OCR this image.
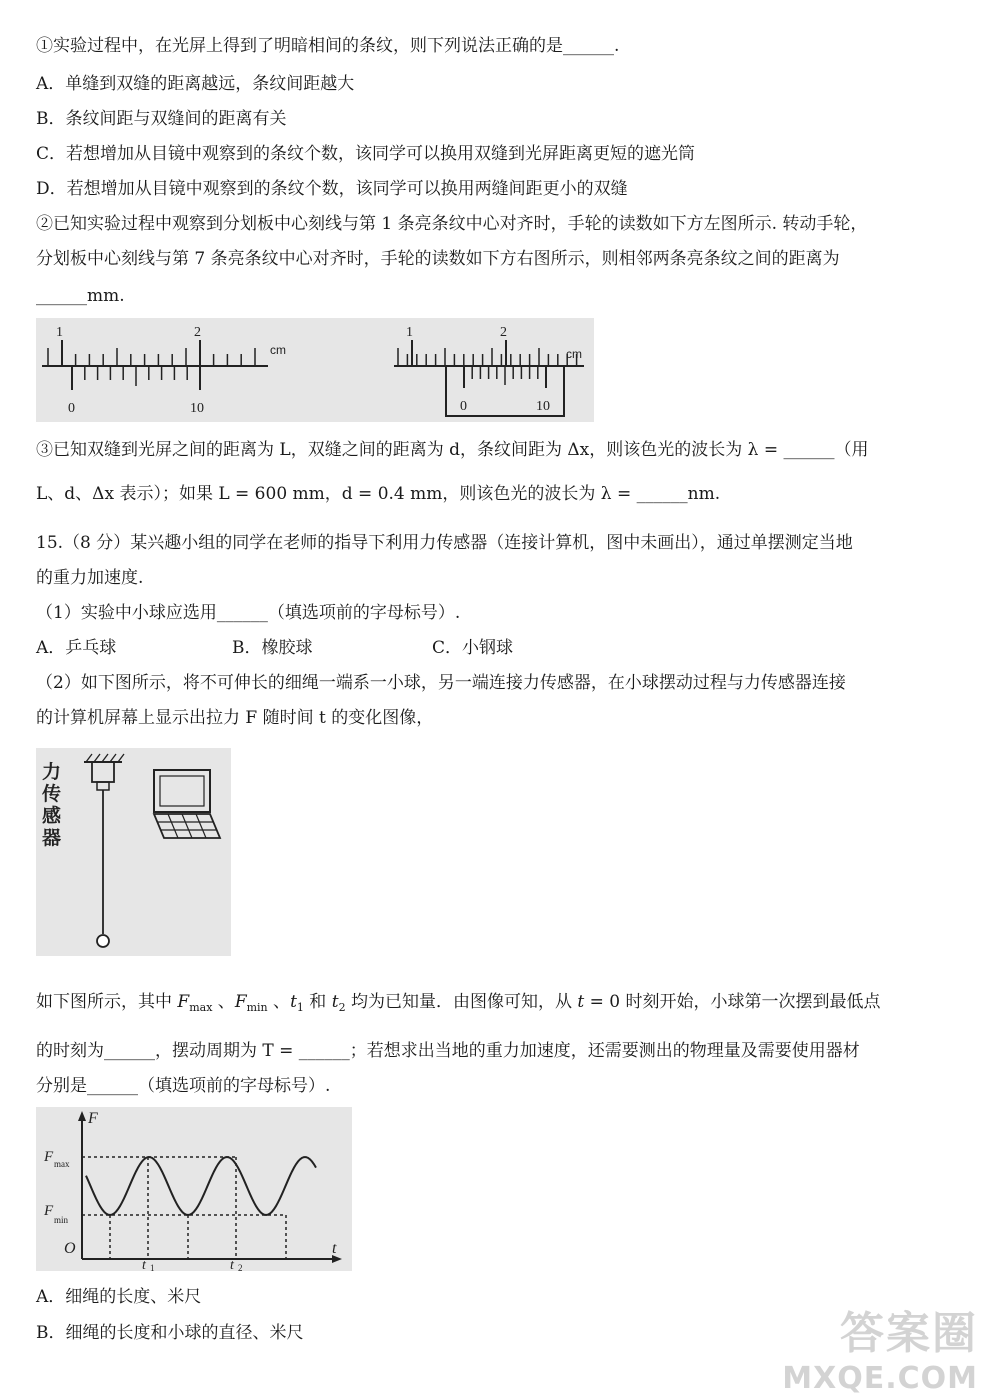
①实验过程中，在光屏上得到了明暗相间的条纹，则下列说法正确的是______.
A．单缝到双缝的距离越远，条纹间距越大
B．条纹间距与双缝间的距离有关
C．若想增加从目镜中观察到的条纹个数，该同学可以换用双缝到光屏距离更短的遮光筒
D．若想增加从目镜中观察到的条纹个数，该同学可以换用两缝间距更小的双缝
②已知实验过程中观察到分划板中心刻线与第 1 条亮条纹中心对齐时，手轮的读数如下方左图所示. 转动手轮，
分划板中心刻线与第 7 条亮条纹中心对齐时，手轮的读数如下方右图所示，则相邻两条亮条纹之间的距离为
______mm.
1	2
cm
0	10
1	2
cm
0	10
③已知双缝到光屏之间的距离为 L，双缝之间的距离为 d，条纹间距为 Δx，则该色光的波长为 λ = ______（用
L、d、Δx 表示）；如果 L = 600 mm，d = 0.4 mm，则该色光的波长为 λ = ______nm.
15.（8 分）某兴趣小组的同学在老师的指导下利用力传感器（连接计算机，图中未画出），通过单摆测定当地
的重力加速度.
（1）实验中小球应选用______（填选项前的字母标号）.
A．乒乓球	B．橡胶球	C．小钢球
（2）如下图所示，将不可伸长的细绳一端系一小球，另一端连接力传感器，在小球摆动过程与力传感器连接
的计算机屏幕上显示出拉力 F 随时间 t 的变化图像，
力 传 感 器
如下图所示，其中 $F_{max}$ 、$F_{min}$ 、$t_1$ 和 $t_2$ 均为已知量．由图像可知，从 t = 0 时刻开始，小球第一次摆到最低点
的时刻为______，摆动周期为 T = ______；若想求出当地的重力加速度，还需要测出的物理量及需要使用器材
分别是______（填选项前的字母标号）.
F
t
O
F max
F
min
t 1	t 2
A．细绳的长度、米尺
B．细绳的长度和小球的直径、米尺	答案圈
MXQE.COM
